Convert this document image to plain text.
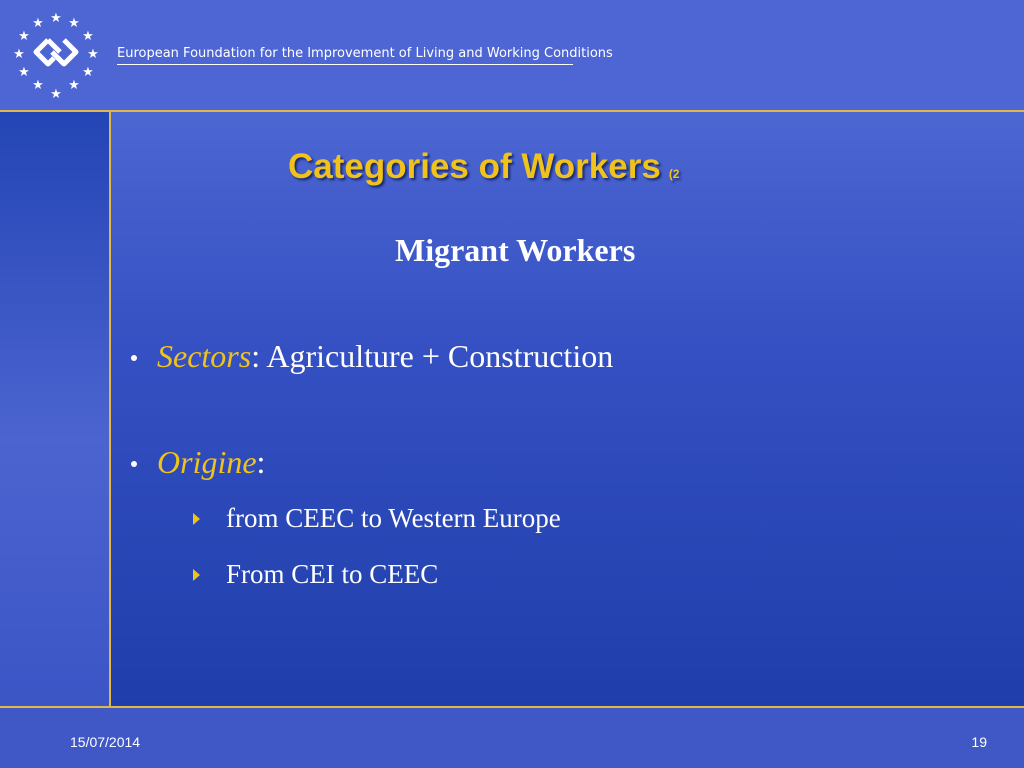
★ ★
★
★
★
★
★
★
★
★
★
★
European Foundation for the Improvement of Living and Working Conditions
Categories of Workers (2
Migrant Workers
Sectors: Agriculture + Construction
Origine:
from CEEC to Western Europe
From CEI to CEEC
15/07/2014	19
